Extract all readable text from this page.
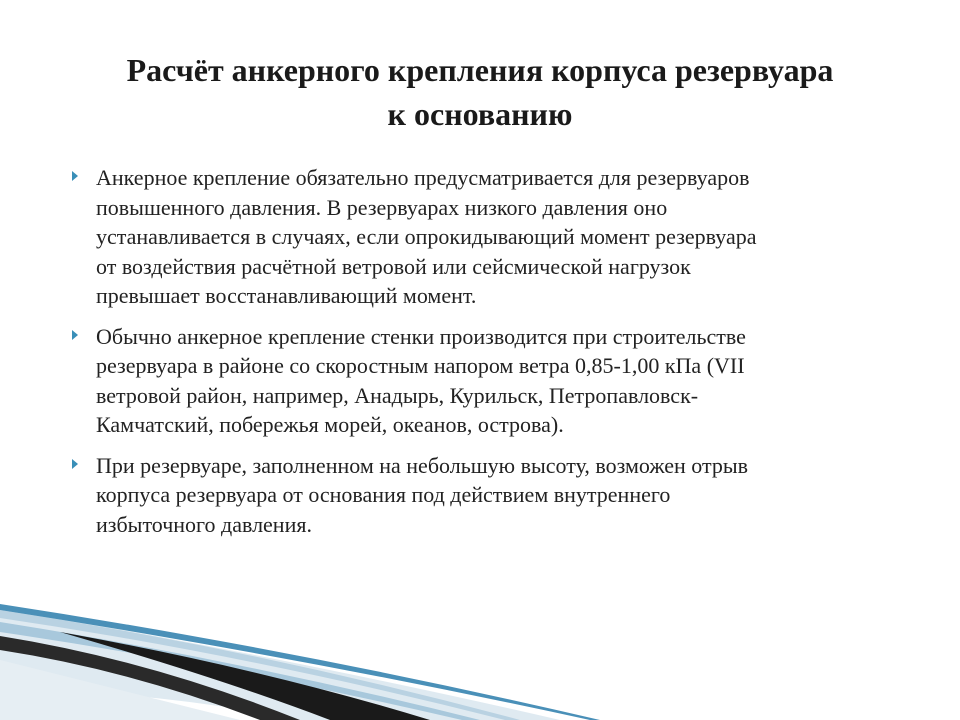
Расчёт анкерного крепления корпуса резервуара
к основанию
Анкерное крепление обязательно предусматривается для резервуаров
повышенного давления. В резервуарах низкого давления оно
устанавливается в случаях, если опрокидывающий момент резервуара
от воздействия расчётной ветровой или сейсмической нагрузок
превышает восстанавливающий момент.
Обычно анкерное крепление стенки производится при строительстве
резервуара в районе со скоростным напором ветра 0,85-1,00 кПа (VII
ветровой район, например, Анадырь, Курильск, Петропавловск-
Камчатский, побережья морей, океанов, острова).
При резервуаре, заполненном на небольшую высоту, возможен отрыв
корпуса резервуара от основания под действием внутреннего
избыточного давления.
